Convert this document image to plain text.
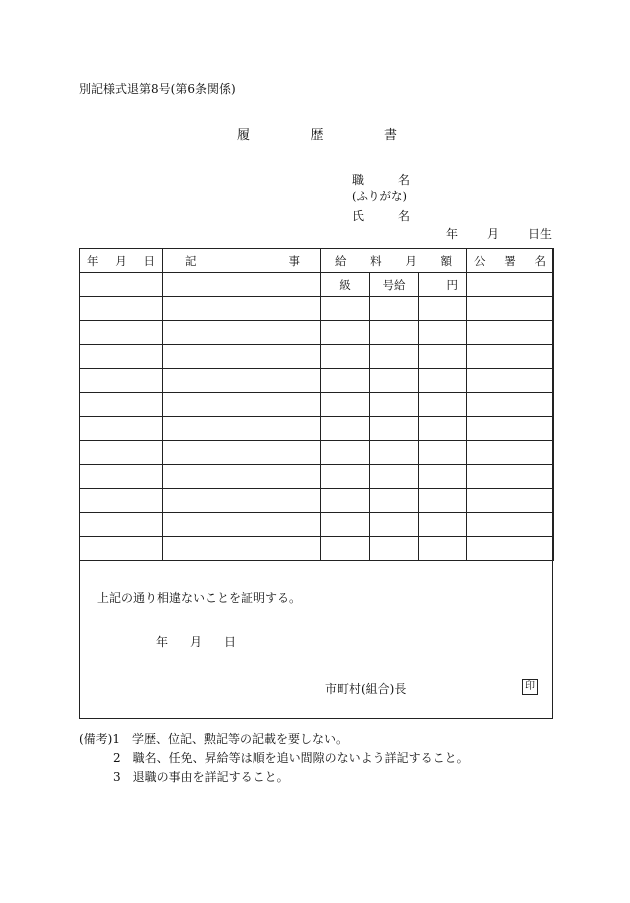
別記様式退第8号(第6条関係)
履	歴	書
職	名
(ふりがな)
氏	名
年 月 日生
年 月 日	記 事	給 料 月 額			公 署 名

		級	号給	円	

上記の通り相違ないことを証明する。
年 月 日
市町村(組合)長	印
(備考)1　学歴、位記、勲記等の記載を要しない。
2　職名、任免、昇給等は順を追い間隙のないよう詳記すること。
3　退職の事由を詳記すること。
